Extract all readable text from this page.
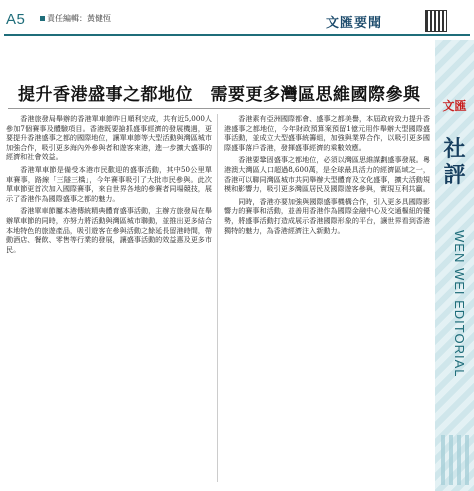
A5	責任編輯：黃健恆	文匯要聞
提升香港盛事之都地位　需要更多灣區思維國際參與

香港旅發局舉辦的香港單車節昨日順利完成，共有近5,000人參加7個賽事及體驗項目。香港既要搶抓盛事經濟的發展機遇，更要提升香港盛事之都的國際地位，讓單車節等大型活動與灣區城市加強合作，吸引更多海內外參與者和遊客來港，進一步擴大盛事的經濟和社會效益。

香港單車節是備受本港市民歡迎的盛事活動，其中50公里單車賽事，路線「三隧三橋」，今年賽事吸引了大批市民參與。此次單車節更首次加入國際賽事，來自世界各地的參賽者同場競技，展示了香港作為國際盛事之都的魅力。

香港單車節屬本港傳統精典體育盛事活動，主辦方旅發局在舉辦單車節的同時，亦努力將活動與灣區城市聯動，並推出更多結合本地特色的旅遊產品，吸引遊客在參與活動之餘延長留港時間，帶動酒店、餐飲、零售等行業的發展，讓盛事活動的效益惠及更多市民。

香港素有亞洲國際都會、盛事之都美譽，本屆政府致力提升香港盛事之都地位，今年財政預算案預留1億元用作舉辦大型國際盛事活動，並成立大型盛事統籌組，加強與業界合作，以吸引更多國際盛事落戶香港，發揮盛事經濟的乘數效應。

香港要鞏固盛事之都地位，必須以灣區思維謀劃盛事發展。粵港澳大灣區人口超過8,600萬，是全球最具活力的經濟區域之一，香港可以聯同灣區城市共同舉辦大型體育及文化盛事，擴大活動規模和影響力，吸引更多灣區居民及國際遊客參與，實現互利共贏。

同時，香港亦要加強與國際盛事機構合作，引入更多具國際影響力的賽事和活動，並善用香港作為國際金融中心及交通樞紐的優勢，將盛事活動打造成展示香港國際形象的平台，讓世界看到香港獨特的魅力，為香港經濟注入新動力。

文匯
社評
WEN WEI EDITORIAL
